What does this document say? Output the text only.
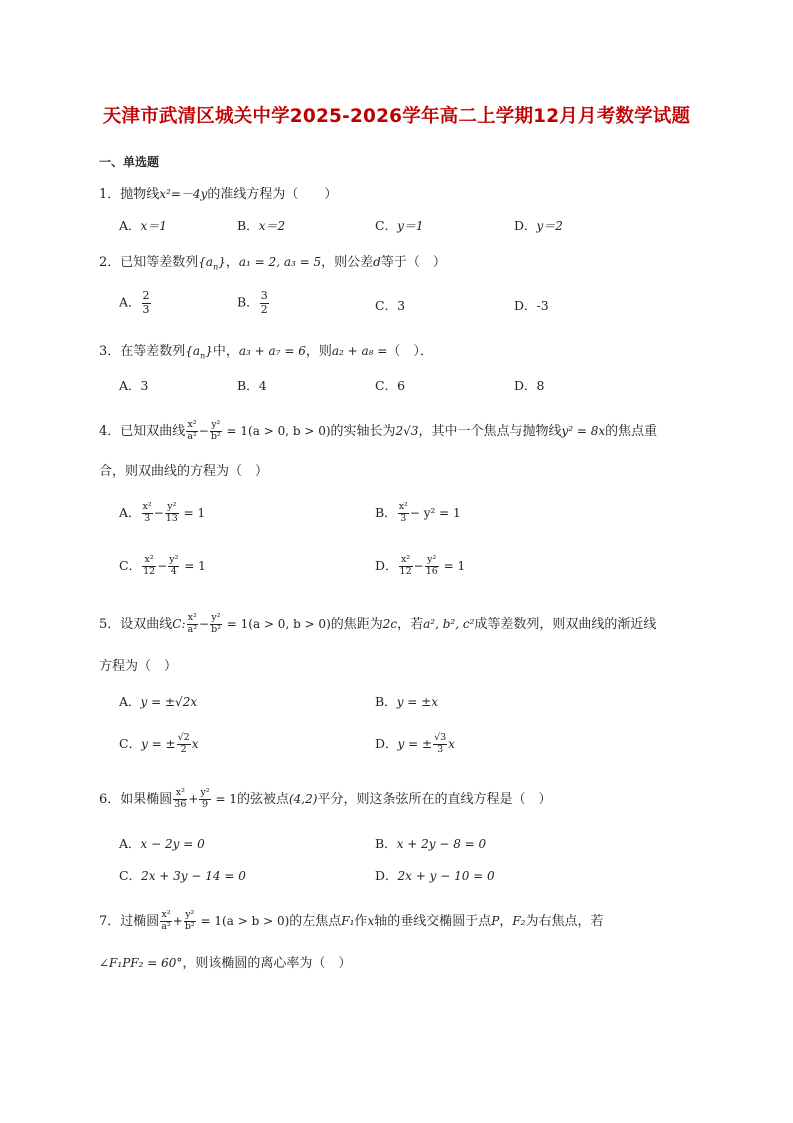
天津市武清区城关中学2025-2026学年高二上学期12月月考数学试题
一、单选题
1．抛物线x²=－4y的准线方程为（　　）
A．x＝1	B．x＝2	C．y＝1	D．y＝2
2．已知等差数列$\{a_n\}$，a₁ = 2, a₃ = 5，则公差d等于（　）
A． $\frac{2}{3}$	B． $\frac{3}{2}$	C．3	D．-3
3．在等差数列$\{a_n\}$中，a₃ + a₇ = 6，则a₂ + a₈ =（　）．
A．3	B．4	C．6	D．8
4．已知双曲线 $\frac{\text{x²}}{\text{a²}} - \frac{\text{y²}}{\text{b²}} = 1(a > 0$, b > 0)的实轴长为2√3，其中一个焦点与抛物线y² = 8x的焦点重
合，则双曲线的方程为（　）
A． $\frac{\text{x²}}{3} - \frac{\text{y²}}{13} = 1$	B． $\frac{\text{x²}}{3} - y^2 = 1$
C． $\frac{\text{x²}}{12} - \frac{\text{y²}}{4} = 1$	D． $\frac{\text{x²}}{12} - \frac{\text{y²}}{16} = 1$
5．设双曲线C: $\frac{\text{x²}}{\text{a²}} - \frac{\text{y²}}{\text{b²}} = 1(a > 0$, b > 0)的焦距为2c，若a², b², c²成等差数列，则双曲线的渐近线
方程为（　）
A．y = ±√2x	B．y = ±x
C．y = ± $\frac{√2}{2}$ x	D．y = ± $\frac{√3}{3}$ x
6．如果椭圆 $\frac{\text{x²}}{36} + \frac{\text{y²}}{9} = 1$的弦被点(4,2)平分，则这条弦所在的直线方程是（　）
A．x − 2y = 0	B．x + 2y − 8 = 0
C．2x + 3y − 14 = 0	D．2x + y − 10 = 0
7．过椭圆 $\frac{\text{x²}}{\text{a²}} + \frac{\text{y²}}{\text{b²}} = 1(a > b > 0)$的左焦点F₁作x轴的垂线交椭圆于点P，F₂为右焦点，若
∠F₁PF₂ = 60°，则该椭圆的离心率为（　）
